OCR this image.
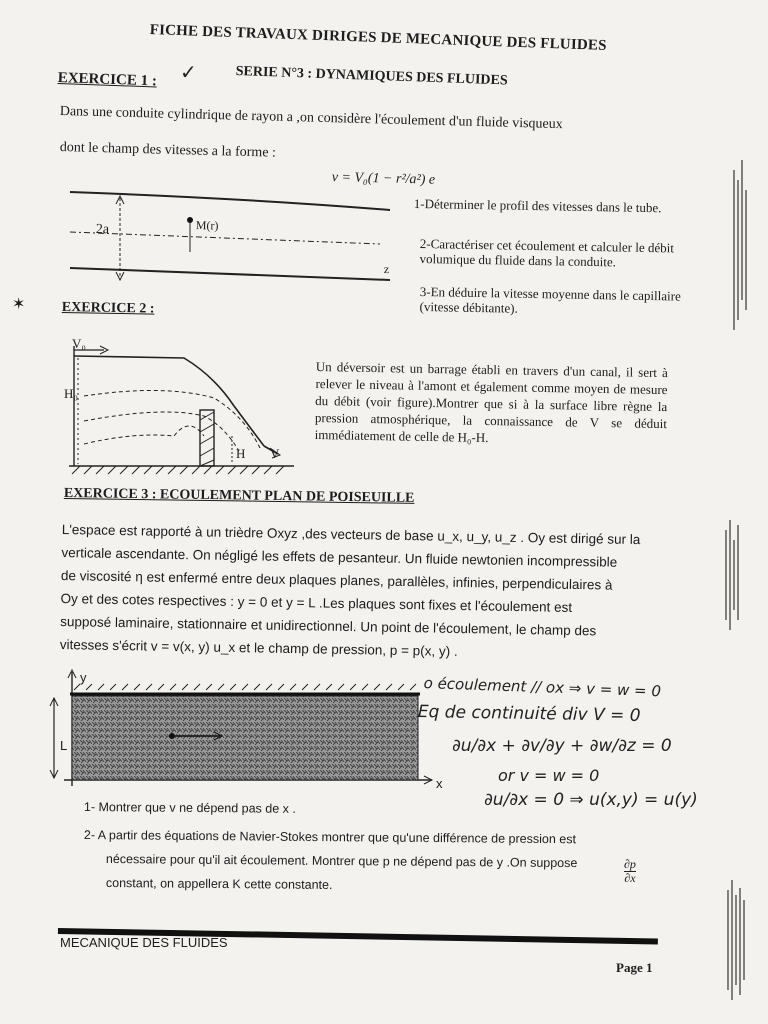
FICHE DES TRAVAUX DIRIGES DE MECANIQUE DES FLUIDES
SERIE N°3 : DYNAMIQUES DES FLUIDES
EXERCICE 1 : ✓
Dans une conduite cylindrique de rayon a ,on considère l'écoulement d'un fluide visqueux
dont le champ des vitesses a la forme :
v = V₀(1 − r²/a²) e
2a	M(r)
z
1-Déterminer le profil des vitesses dans le tube.
2-Caractériser cet écoulement et calculer le débit volumique du fluide dans la conduite.
3-En déduire la vitesse moyenne dans le capillaire (vitesse débitante).
✶	EXERCICE 2 :
V₀
H₀
H V
Un déversoir est un barrage établi en travers d'un canal, il sert à relever le niveau à l'amont et également comme moyen de mesure du débit (voir figure).Montrer que si à la surface libre règne la pression atmosphérique, la connaissance de V se déduit immédiatement de celle de H₀-H.
EXERCICE 3 : ECOULEMENT PLAN DE POISEUILLE
L'espace est rapporté à un trièdre Oxyz ,des vecteurs de base u_x, u_y, u_z . Oy est dirigé sur la
verticale ascendante. On négligé les effets de pesanteur. Un fluide newtonien incompressible
de viscosité η est enfermé entre deux plaques planes, parallèles, infinies, perpendiculaires à
Oy et des cotes respectives : y = 0 et y = L .Les plaques sont fixes et l'écoulement est
supposé laminaire, stationnaire et unidirectionnel. Un point de l'écoulement, le champ des
vitesses s'écrit v = v(x, y) u_x et le champ de pression, p = p(x, y) .
y
L
x
o écoulement // ox ⇒ v = w = 0
Eq de continuité div V = 0
∂u/∂x + ∂v/∂y + ∂w/∂z = 0
or v = w = 0
∂u/∂x = 0 ⇒ u(x,y) = u(y)
1- Montrer que v ne dépend pas de x .
2- A partir des équations de Navier-Stokes montrer que qu'une différence de pression est
nécessaire pour qu'il ait écoulement. Montrer que p ne dépend pas de y .On suppose
constant, on appellera K cette constante.	$\frac{\partial p}{\partial x}$
MECANIQUE DES FLUIDES
Page 1
